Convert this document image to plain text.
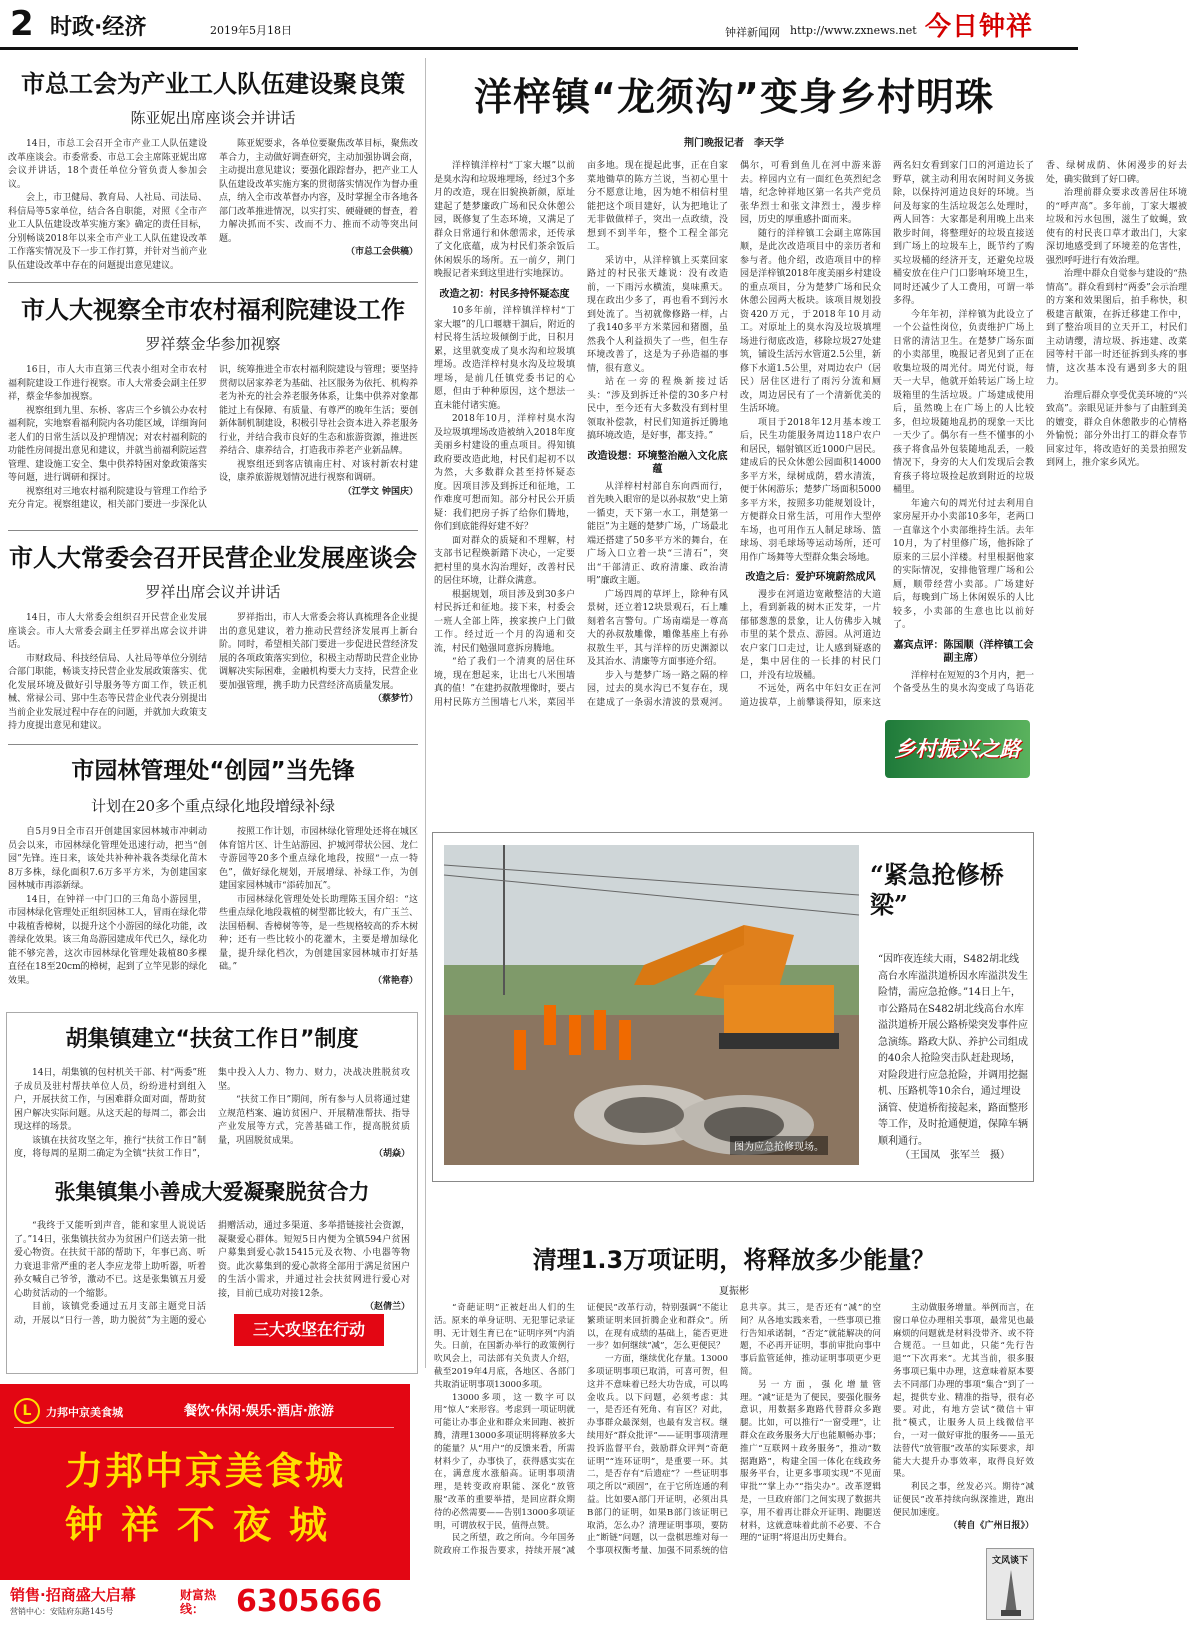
2 时政·经济	2019年5月18日	钟祥新闻网 http://www.zxnews.net 今日钟祥
市总工会为产业工人队伍建设聚良策
陈亚妮出席座谈会并讲话

14日，市总工会召开全市产业工人队伍建设改革座谈会。市委常委、市总工会主席陈亚妮出席会议并讲话，18个责任单位分管负责人参加会议。

会上，市卫健局、教育局、人社局、司法局、科信局等5家单位，结合各自职能，对照《全市产业工人队伍建设改革实施方案》确定的责任目标，分别畅谈2018年以来全市产业工人队伍建设改革工作落实情况及下一步工作打算，并针对当前产业队伍建设改革中存在的问题提出意见建议。

陈亚妮要求，各单位要聚焦改革目标，聚焦改革合力，主动做好调查研究，主动加强协调会商，主动提出意见建议；要强化跟踪督办，把产业工人队伍建设改革实施方案的贯彻落实情况作为督办重点，纳入全市改革督办内容，及时掌握全市各地各部门改革推进情况，以实打实、硬碰硬的督查，着力解决抓而不实、改而不力、推而不动等突出问题。

（市总工会供稿）
市人大视察全市农村福利院建设工作
罗祥蔡金华参加视察

16日，市人大市直第三代表小组对全市农村福利院建设工作进行视察。市人大常委会副主任罗祥，蔡金华参加视察。

视察组到九里、东桥、客店三个乡镇公办农村福利院，实地察看福利院内各功能区域，详细询问老人们的日常生活以及护理情况；对农村福利院的功能性房间提出意见和建议，并就当前福利院运营管理、建设施工安全、集中供养特困对象政策落实等问题，进行调研和探讨。

视察组对三地农村福利院建设与管理工作给予充分肯定。视察组建议，相关部门要进一步深化认识，统筹推进全市农村福利院建设与管理；要坚持贯彻以居家养老为基础、社区服务为依托、机构养老为补充的社会养老服务体系，让集中供养对象都能过上有保障、有质量、有尊严的晚年生活；要创新体制机制建设，积极引导社会资本进入养老服务行业，并结合我市良好的生态和旅游资源，推进医养结合、康养结合，打造我市养老产业新品牌。

视察组还到客店镇南庄村、对该村新农村建设，康养旅游规划情况进行视察和调研。

（江学文 钟国庆）
市人大常委会召开民营企业发展座谈会
罗祥出席会议并讲话

14日，市人大常委会组织召开民营企业发展座谈会。市人大常委会副主任罗祥出席会议并讲话。

市财政局、科技经信局、人社局等单位分别结合部门职能，畅谈支持民营企业发展政策落实、优化发展环境及做好引导服务等方面工作，铁正机械、常禄公司、郢中生态等民营企业代表分别提出当前企业发展过程中存在的问题，并就加大政策支持力度提出意见和建议。

罗祥指出，市人大常委会将认真梳理各企业提出的意见建议，着力推动民营经济发展再上新台阶。同时，希望相关部门要进一步促进民营经济发展的各项政策落实到位，积极主动帮助民营企业协调解决实际困难，金融机构要大力支持，民营企业要加强管理，携手助力民营经济高质量发展。

（蔡梦竹）
市园林管理处“创园”当先锋
计划在20多个重点绿化地段增绿补绿

自5月9日全市召开创建国家园林城市冲刺动员会以来，市园林绿化管理处迅速行动，把当“创园”先锋。连日来，该处共补种补栽各类绿化苗木8万多株，绿化面积7.6万多平方米，为创建国家园林城市再添新绿。

14日，在钟祥一中门口的三角岛小游园里，市园林绿化管理处正组织园林工人，冒雨在绿化带中栽植香樟树，以提升这个小游园的绿化功能，改善绿化效果。该三角岛游园建成年代已久，绿化功能不够完善，这次市园林绿化管理处栽植80多棵直径在18至20cm的樟树，起到了立竿见影的绿化效果。

按照工作计划，市园林绿化管理处还将在城区体育馆片区、计生站游园、护城河带状公园、龙仁寺游园等20多个重点绿化地段，按照“一点一特色”，做好绿化规划，开展增绿、补绿工作，为创建国家园林城市“添砖加瓦”。

市园林绿化管理处处长助理陈玉国介绍：“这些重点绿化地段栽植的树型都比较大，有广玉兰、法国梧桐、香樟树等等，是一些规格较高的乔木树种；还有一些比较小的花灌木，主要是增加绿化量，提升绿化档次，为创建国家园林城市打好基础。”

（常艳春）
胡集镇建立“扶贫工作日”制度

14日，胡集镇的包村机关干部、村“两委”班子成员及驻村帮扶单位人员，纷纷进村到组入户，开展扶贫工作，与困难群众面对面，帮助贫困户解决实际问题。从这天起的每周二，都会出现这样的场景。

该镇在扶贫攻坚之年，推行“扶贫工作日”制度，将每周的星期二确定为全镇“扶贫工作日”，集中投入人力、物力、财力，决战决胜脱贫攻坚。

“扶贫工作日”期间，所有参与人员将通过建立规范档案、遍访贫困户、开展精准帮扶、指导产业发展等方式，完善基础工作，提高脱贫质量，巩固脱贫成果。

（胡焱）
张集镇集小善成大爱凝聚脱贫合力

“我终于又能听到声音，能和家里人说说话了。”14日，张集镇扶贫办为贫困户们送去第一批爱心物资。在扶贫干部的帮助下，年事已高、听力衰退非常严重的老人李应龙带上助听器，听着孙女喊自己爷爷，激动不已。这是张集镇五月爱心助贫活动的一个缩影。

目前，该镇党委通过五月支部主题党日活动，开展以“日行一善，助力脱贫”为主题的爱心捐赠活动，通过多渠道、多举措链接社会资源，凝聚爱心群体。短短5日内便为全镇594户贫困户募集到爱心款15415元及衣物、小电器等物资。此次募集到的爱心款将全部用于满足贫困户的生活小需求，并通过社会扶贫网进行爱心对接，目前已成功对接12条。

（赵倩兰）
三大攻坚在行动
L	力邦中京美食城	餐饮·休闲·娱乐·酒店·旅游
力邦中京美食城
钟祥不夜城
销售·招商盛大启幕
营销中心：安陆府东路145号
财富热线：	6305666
洋梓镇“龙须沟”变身乡村明珠
荆门晚报记者　李天学

洋梓镇洋梓村“丁家大堰”以前是臭水沟和垃圾堆埋场，经过3个多月的改造，现在旧貌换新颜，原址建起了楚梦廉政广场和民众休憩公园，既修复了生态环境，又满足了群众日常通行和休憩需求，还传承了文化底蕴，成为村民们茶余饭后休闲娱乐的场所。五一前夕，荆门晚报记者来到这里进行实地探访。

改造之初：村民多持怀疑态度

10多年前，洋梓镇洋梓村“丁家大堰”的几口堰塘干涸后，附近的村民将生活垃圾倾倒于此，日积月累，这里就变成了臭水沟和垃圾填埋场。改造洋梓村臭水沟及垃圾填埋场，是前几任镇党委书记的心愿，但由于种种原因，这个想法一直未能付诸实施。

2018年10月，洋梓村臭水沟及垃圾填埋场改造被纳入2018年度美丽乡村建设的重点项目。得知镇政府要改造此地，村民们起初不以为然，大多数群众甚至持怀疑态度。因项目涉及到拆迁和征地，工作难度可想而知。部分村民公开质疑：我们把房子拆了给你们腾地，你们到底能得好建不好？

面对群众的质疑和不理解，村支部书记程焕新踏下决心，一定要把村里的臭水沟治理好，改善村民的居住环境，让群众满意。

根据规划，项目涉及到30多户村民拆迁和征地。接下来，村委会一班人全部上阵，挨家挨户上门做工作。经过近一个月的沟通和交流，村民们勉强同意拆房腾地。

“给了我们一个清爽的居住环境，现在想起来，让出七八米围墙真的值！”在建扔叔散埋像时，要占用村民陈方兰围墙七八米，菜园半亩多地。现在提起此事，正在自家菜地锄草的陈方兰说，当初心里十分不愿意让地，因为她不相信村里能把这个项目建好，认为把地让了无非做做样子，突出一点政绩，没想到不到半年，整个工程全部完工。

采访中，从洋梓镇上买菜回家路过的村民张天雄说：没有改造前，一下雨污水横流，臭味熏天。现在政出少多了，再也看不到污水到处流了。当初就像修路一样，占了我140多平方米菜园和猪圈，虽然我个人利益损失了一些，但生存环境改善了，这是为子孙造福的事情，很有意义。

站在一旁的程焕新接过话头：“涉及到拆迁补偿的30多户村民中，至今还有大多数没有到村里领取补偿款，村民们知道拆迁腾地搞环境改造，是好事，都支持。”

改造设想：环境整治融入文化底蕴

从洋梓村村部自东向西而行，首先映入眼帘的是以孙叔敖“史上第一循吏，天下第一水工，荆楚第一能臣”为主题的楚梦广场，广场最北端还搭建了50多平方米的舞台，在广场入口立着一块“三清石”，突出“干部清正、政府清廉、政治清明”廉政主题。

广场四周的草坪上，除种有风景树，还立着12块景观石，石上雕刻着名言警句。广场南端是一尊高大的孙叔敖雕像，雕像基座上有孙叔敖生平，其与洋梓的历史渊源以及其治水、清廉等方面事迹介绍。

步入与楚梦广场一路之隔的梓园，过去的臭水沟已不复存在，现在建成了一条弱水清波的景观河。偶尔，可看到鱼儿在河中游来游去。梓园内立有一面红色英烈纪念墙，纪念钟祥地区第一名共产党员张华烈士和张文津烈士，漫步梓园，历史的厚重感扑面而来。

随行的洋梓镇工会副主席陈国顺，是此次改造项目中的亲历者和参与者。他介绍，改造项目中的梓园是洋梓镇2018年度美丽乡村建设的重点项目，分为楚梦广场和民众休憩公园两大板块。该项目规划投资420万元，于2018年10月动工。对原址上的臭水沟及垃圾填埋场进行彻底改造，移除垃圾27处建筑，铺设生活污水管道2.5公里，新修下水道1.5公里，对周边农户（居民）居住区进行了雨污分流和厕改，周边居民有了一个清新优美的生活环境。

项目于2018年12月基本竣工后，民生功能服务周边118户农户和居民，辐射镇区近1000户居民。建成后的民众休憩公园面积14000多平方米，绿树成荫，碧水清流，便于休闲游乐；楚梦广场面积5000多平方米，按照多功能规划设计，方便群众日常生活，可用作大型停车场，也可用作五人制足球场、篮球场、羽毛球场等运动场所，还可用作广场舞等大型群众集会场地。

改造之后：爱护环境蔚然成风

漫步在河道边宽敞整洁的大道上，看到新栽的树木正发芽，一片郁郁葱葱的景象，让人仿佛步入城市里的某个景点、游园。从河道边农户家门口走过，让人感到疑惑的是，集中居住的一长排的村民门口，并没有垃圾桶。

不远处，两名中年妇女正在河道边拔草，上前攀谈得知，原来这两名妇女看到家门口的河道边长了野草，就主动利用农闲时间义务拔除，以保持河道边良好的环境。当问及每家的生活垃圾怎么处理时，两人回答：大家都是利用晚上出来散步时间，将整理好的垃圾直接送到广场上的垃圾车上，既节约了购买垃圾桶的经济开支，还避免垃圾桶安放在住户门口影响环境卫生，同时还减少了人工费用，可谓一举多得。

今年年初，洋梓镇为此设立了一个公益性岗位，负责维护广场上日常的清洁卫生。在楚梦广场东面的小卖部里，晚报记者见到了正在收集垃圾的周光付。周光付说，每天一大早，他就开始转运广场上垃圾箱里的生活垃圾。广场建成使用后，虽然晚上在广场上的人比较多，但垃圾随地乱扔的现象一天比一天少了。偶尔有一些不懂事的小孩子将食品外包装随地乱丢，一般情况下，身旁的大人们发现后会教育孩子将垃圾捡起放到附近的垃圾桶里。

年逾六旬的周光付过去利用自家房屋开办小卖部10多年，老两口一直靠这个小卖部维持生活。去年10月，为了村里修广场，他拆除了原来的三层小洋楼。村里根据他家的实际情况，安排他管理广场和公厕，顺带经营小卖部。广场建好后，每晚到广场上休闲娱乐的人比较多，小卖部的生意也比以前好了。

嘉宾点评：陈国顺（洋梓镇工会副主席）

洋梓村在短短的3个月内，把一个备受丛生的臭水沟变成了鸟语花香、绿树成荫、休闲漫步的好去处，确实做到了好口碑。

治理前群众要求改善居住环境的“呼声高”。多年前，丁家大堰被垃圾和污水包围，滋生了蚊蝇，致使有的村民丧口草才敢出门，大家深切地感受到了环境差的危害性，强烈呼吁进行有效治理。

治理中群众自觉参与建设的“热情高”。群众看到村“两委”会示治理的方案和效果图后，拍手称快，积极建言献策，在拆迁移建工作中，到了整治项目的立天开工，村民们主动请缨，清垃圾、拆违建、改菜园等村干部一时还征拆到头疼的事情，这次基本没有遇到多大的阻力。

治理后群众享受优美环境的“兴致高”。亲眼见证并参与了由脏到美的嬗变，群众自休憩散步的心情格外愉悦；部分外出打工的群众春节回家过年，将改造好的美景拍照发到网上，推介家乡风光。

乡村振兴之路
图为应急抢修现场。
“紧急抢修桥梁”
“因昨夜连续大雨，S482胡北线高台水库溢洪道桥因水库溢洪发生险情，需应急抢修。”14日上午，市公路局在S482胡北线高台水库溢洪道桥开展公路桥梁突发事件应急演练。路政大队、养护公司组成的40余人抢险突击队赶赴现场，对险段进行应急抢险，并调用挖掘机、压路机等10余台，通过埋设涵管、使道桥衔接起来，路面整形等工作，及时抢通便道，保障车辆顺利通行。
（王国凤　张军兰　摄）
清理1.3万项证明，将释放多少能量？
夏振彬

“奇葩证明”正被赶出人们的生活。原来的单身证明、无犯罪记录证明、无计划生育已在“证明序列”内消失。日前，在国新办举行的政策例行吹风会上，司法部有关负责人介绍，截至2019年4月底，各地区、各部门共取消证明事项13000多项。

13000多项，这一数字可以用“惊人”来形容。考虑到一项证明就可能让办事企业和群众来回跑、被折腾，清理13000多项证明将释放多大的能量？从“用户”的反馈来看，所需材料少了，办事快了，获得感实实在在，满意度水涨船高。证明事项清理，是转变政府职能、深化“放管服”改革的重要举措，是回应群众期待的必然需要——告别13000多项证明，可谓放权于民，值得点赞。

民之所望，政之所向。今年国务院政府工作报告要求，持续开展“减证便民”改革行动，特别强调“不能让繁琐证明来回折腾企业和群众”。所以，在现有成绩的基础上，能否更进一步？如何继续“减”，怎么更便民？

一方面，继续优化存量。13000多项证明事项已取消，可喜可贺，但这并不意味着已经大功告成，可以鸣金收兵。以下问题，必须考虑：其一，是否还有死角、有盲区？对此，办事群众最深刻，也最有发言权。继续用好“群众批评”——证明事项清理投诉监督平台，鼓励群众评判“奇葩证明”“连环证明”，是重要一环。其二，是否存有“后遗症”？一些证明事项之所以“顽固”，在于它所连通的利益。比如要A部门开证明，必须出具B部门的证明，如果B部门该证明已取消，怎么办？清理证明事项，要防止“断链”问题，以一盘棋思维对每一个事项权衡考量、加强不同系统的信息共享。其三，是否还有“减”的空间？从各地实践来看，一些事项已推行告知承诺制，“否定”就能解决的问题，不必再开证明，事前审批向事中事后监管延伸，推动证明事项更少更简。

另一方面，强化增量管理。“减”证是为了便民，要强化服务意识，用数据多跑路代替群众多跑腿。比如，可以推行“一窗受理”，让群众在政务服务大厅也能顺畅办事；推广“互联网＋政务服务”，推动“数据跑路”，构建全国一体化在线政务服务平台，让更多事项实现“不见面审批”“掌上办”“指尖办”。改革逻辑是，一旦政府部门之间实现了数据共享，用不着再让群众开证明、跑腿送材料，这就意味着此前不必要、不合理的“证明”将退出历史舞台。

主动做服务增量。举例而言，在窗口单位办理相关事项，最常见也最麻烦的问题就是材料没带齐、或不符合规范。一旦如此，只能“先行告退”“下次再来”。尤其当前，很多服务事项已集中办理，这意味着原本要去不同部门办理的事项“集合”到了一起，提供专业、精准的指导，很有必要。对此，有地方尝试“微信＋审批”模式，让服务人员上线微信平台，一对一做好审批的服务——虽无法替代“放管服”改革的实际要求，却能大大提升办事效率，取得良好效果。

利民之事，丝发必兴。期待“减证便民”改革持续向纵深推进，跑出便民加速度。

（转自《广州日报》）
文风谈下
